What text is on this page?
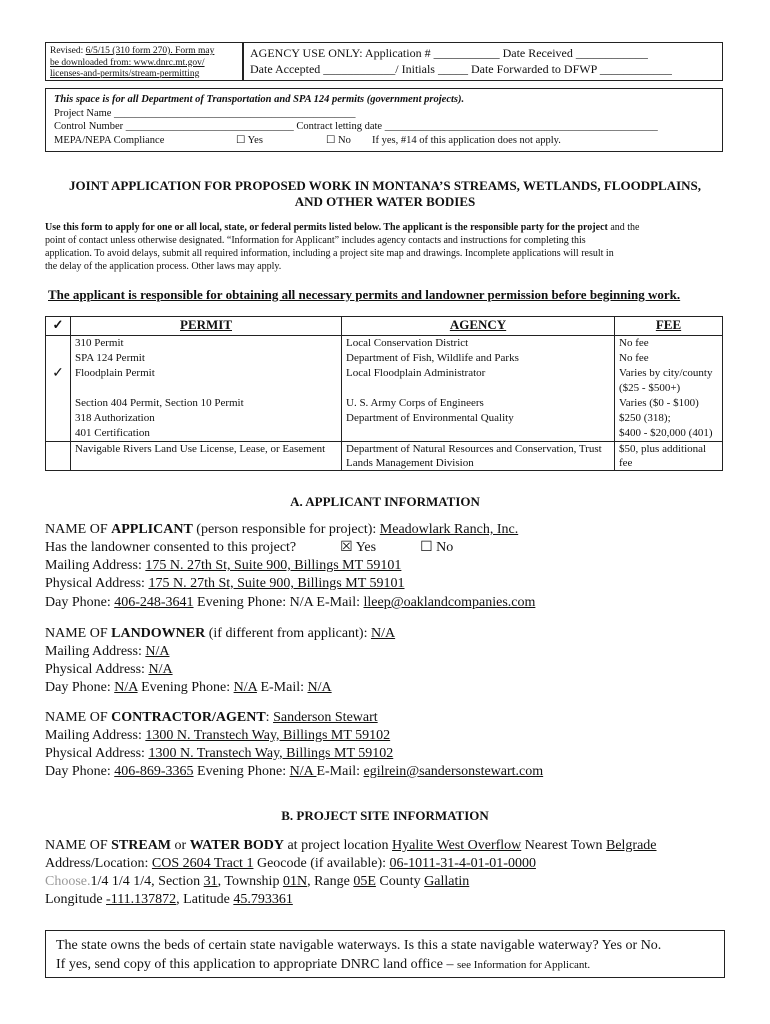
Revised: 6/5/15 (310 form 270). Form may
be downloaded from: www.dnrc.mt.gov/
licenses-and-permits/stream-permitting
AGENCY USE ONLY: Application # ___________ Date Received ____________
Date Accepted ____________/ Initials _____ Date Forwarded to DFWP ____________
This space is for all Department of Transportation and SPA 124 permits (government projects).
Project Name ______________________________________________
Control Number ________________________________ Contract letting date ____________________________________________________
MEPA/NEPA Compliance	☐ Yes	☐ No	If yes, #14 of this application does not apply.
JOINT APPLICATION FOR PROPOSED WORK IN MONTANA’S STREAMS, WETLANDS, FLOODPLAINS,
AND OTHER WATER BODIES
Use this form to apply for one or all local, state, or federal permits listed below. The applicant is the responsible party for the project and the
point of contact unless otherwise designated. “Information for Applicant” includes agency contacts and instructions for completing this
application. To avoid delays, submit all required information, including a project site map and drawings. Incomplete applications will result in
the delay of the application process. Other laws may apply.
The applicant is responsible for obtaining all necessary permits and landowner permission before beginning work.
✓	PERMIT	AGENCY	FEE
	310 Permit	Local Conservation District	No fee
	SPA 124 Permit	Department of Fish, Wildlife and Parks	No fee
✓	Floodplain Permit	Local Floodplain Administrator	Varies by city/county
			($25 - $500+)
	Section 404 Permit, Section 10 Permit	U. S. Army Corps of Engineers	Varies ($0 - $100)
	318 Authorization	Department of Environmental Quality	$250 (318);
	401 Certification		$400 - $20,000 (401)
	Navigable Rivers Land Use License, Lease, or Easement	Department of Natural Resources and Conservation, Trust Lands Management Division	$50, plus additional fee
A. APPLICANT INFORMATION
NAME OF APPLICANT (person responsible for project): Meadowlark Ranch, Inc.
Has the landowner consented to this project?	☒ Yes	☐ No
Mailing Address: 175 N. 27th St, Suite 900, Billings MT 59101
Physical Address: 175 N. 27th St, Suite 900, Billings MT 59101
Day Phone: 406-248-3641 Evening Phone: N/A E-Mail: lleep@oaklandcompanies.com
NAME OF LANDOWNER (if different from applicant): N/A
Mailing Address: N/A
Physical Address: N/A
Day Phone: N/A Evening Phone: N/A E-Mail: N/A
NAME OF CONTRACTOR/AGENT: Sanderson Stewart
Mailing Address: 1300 N. Transtech Way, Billings MT 59102
Physical Address: 1300 N. Transtech Way, Billings MT 59102
Day Phone: 406-869-3365 Evening Phone: N/A E-Mail: egilrein@sandersonstewart.com
B. PROJECT SITE INFORMATION
NAME OF STREAM or WATER BODY at project location Hyalite West Overflow Nearest Town Belgrade
Address/Location: COS 2604 Tract 1 Geocode (if available): 06-1011-31-4-01-01-0000
Choose.1/4 1/4 1/4, Section 31, Township 01N, Range 05E County Gallatin
Longitude -111.137872, Latitude 45.793361
The state owns the beds of certain state navigable waterways. Is this a state navigable waterway? Yes or No.
If yes, send copy of this application to appropriate DNRC land office – see Information for Applicant.
